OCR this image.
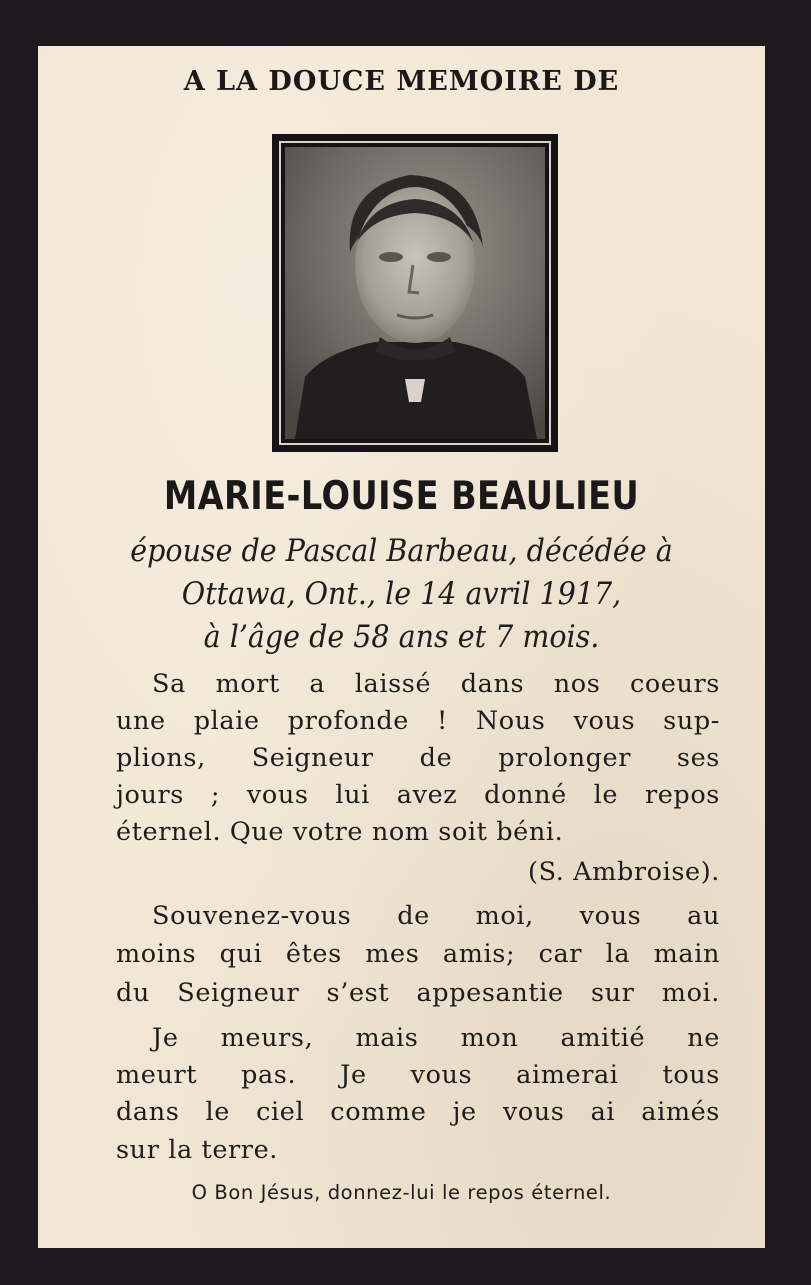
A LA DOUCE MEMOIRE DE
MARIE-LOUISE BEAULIEU
épouse de Pascal Barbeau, décédée à
Ottawa, Ont., le 14 avril 1917,
à l’âge de 58 ans et 7 mois.
Sa mort a laissé dans nos coeurs
une plaie profonde ! Nous vous sup-
plions, Seigneur de prolonger ses
jours ; vous lui avez donné le repos
éternel. Que votre nom soit béni.
(S. Ambroise).
Souvenez-vous de moi, vous au
moins qui êtes mes amis; car la main
du Seigneur s’est appesantie sur moi.
Je meurs, mais mon amitié ne
meurt pas. Je vous aimerai tous
dans le ciel comme je vous ai aimés
sur la terre.
O Bon Jésus, donnez-lui le repos éternel.
